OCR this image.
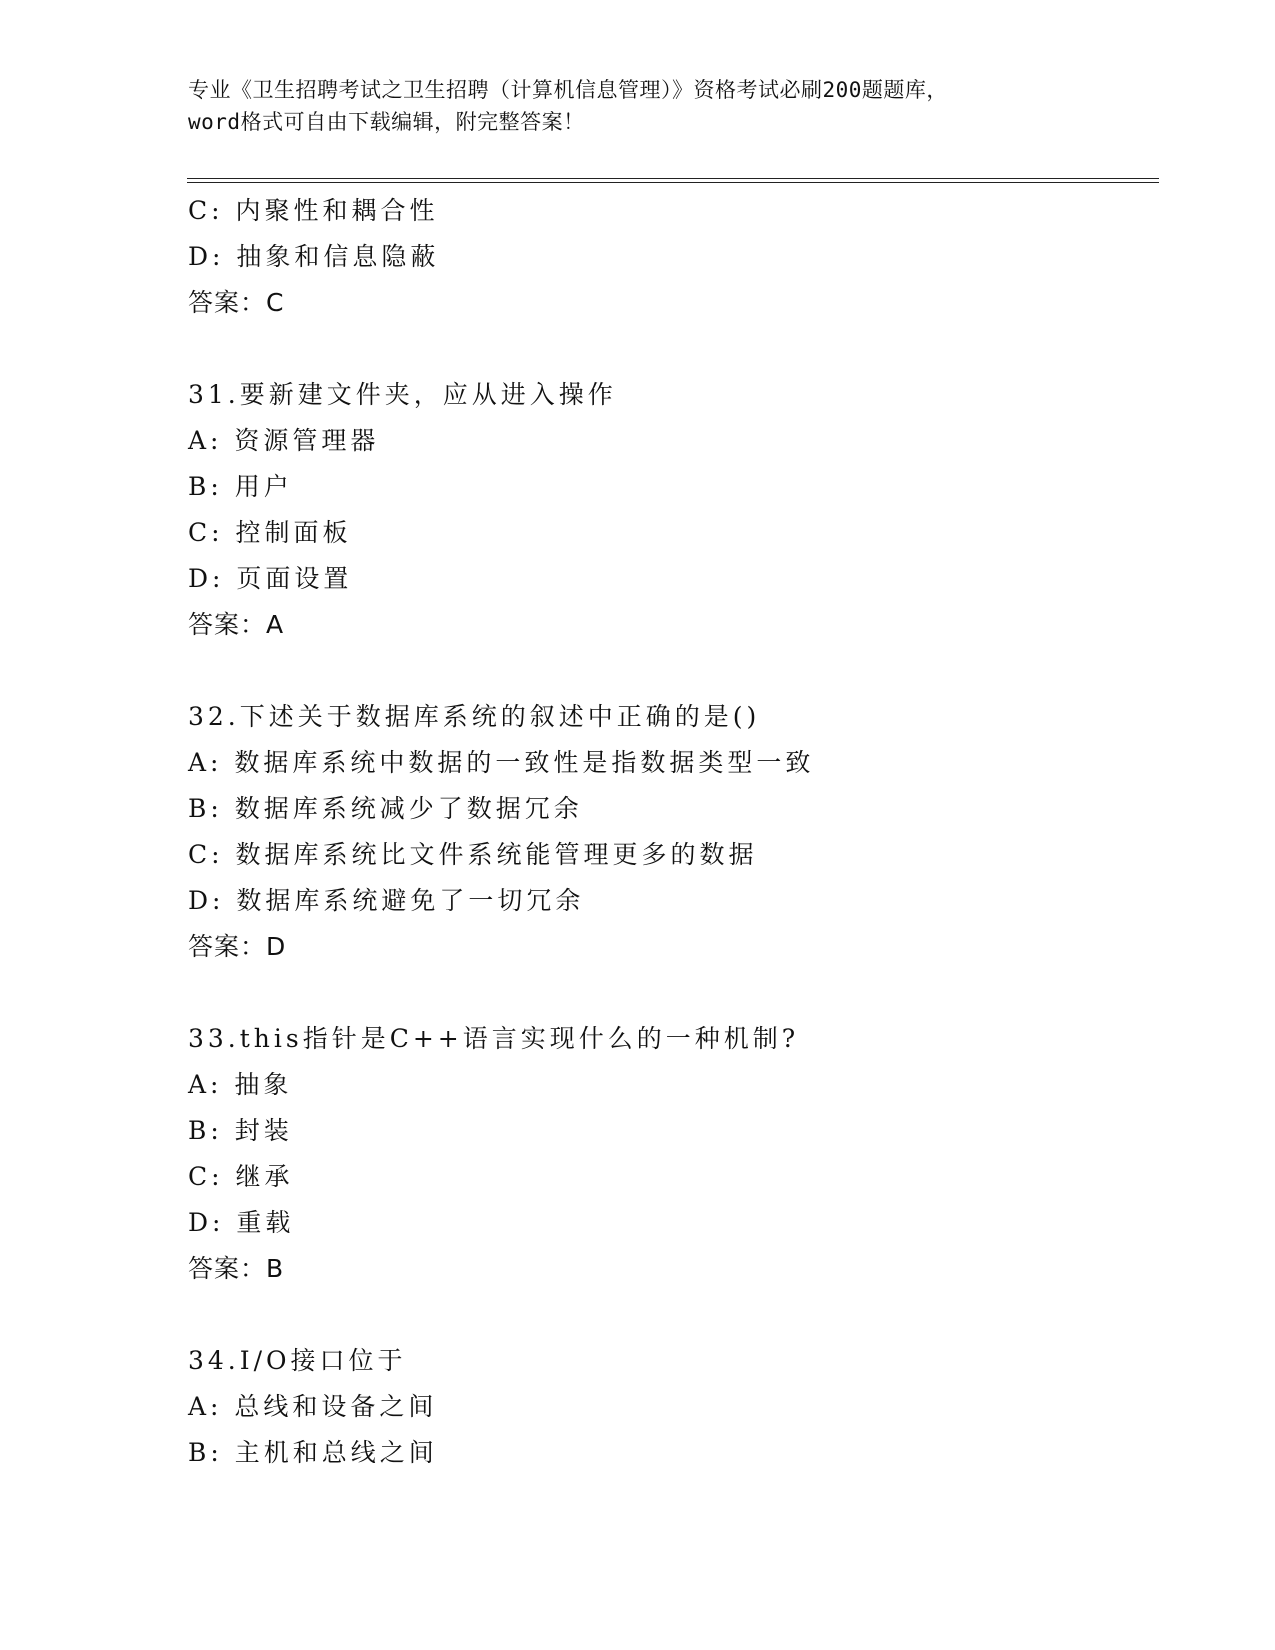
专业《卫生招聘考试之卫生招聘（计算机信息管理）》资格考试必刷200题题库，
word格式可自由下载编辑，附完整答案！
C: 内聚性和耦合性
D: 抽象和信息隐蔽
答案：C
31.要新建文件夹，应从进入操作
A: 资源管理器
B: 用户
C: 控制面板
D: 页面设置
答案：A
32.下述关于数据库系统的叙述中正确的是()
A: 数据库系统中数据的一致性是指数据类型一致
B: 数据库系统减少了数据冗余
C: 数据库系统比文件系统能管理更多的数据
D: 数据库系统避免了一切冗余
答案：D
33.this指针是C++语言实现什么的一种机制?
A: 抽象
B: 封装
C: 继承
D: 重载
答案：B
34.I/O接口位于
A: 总线和设备之间
B: 主机和总线之间
